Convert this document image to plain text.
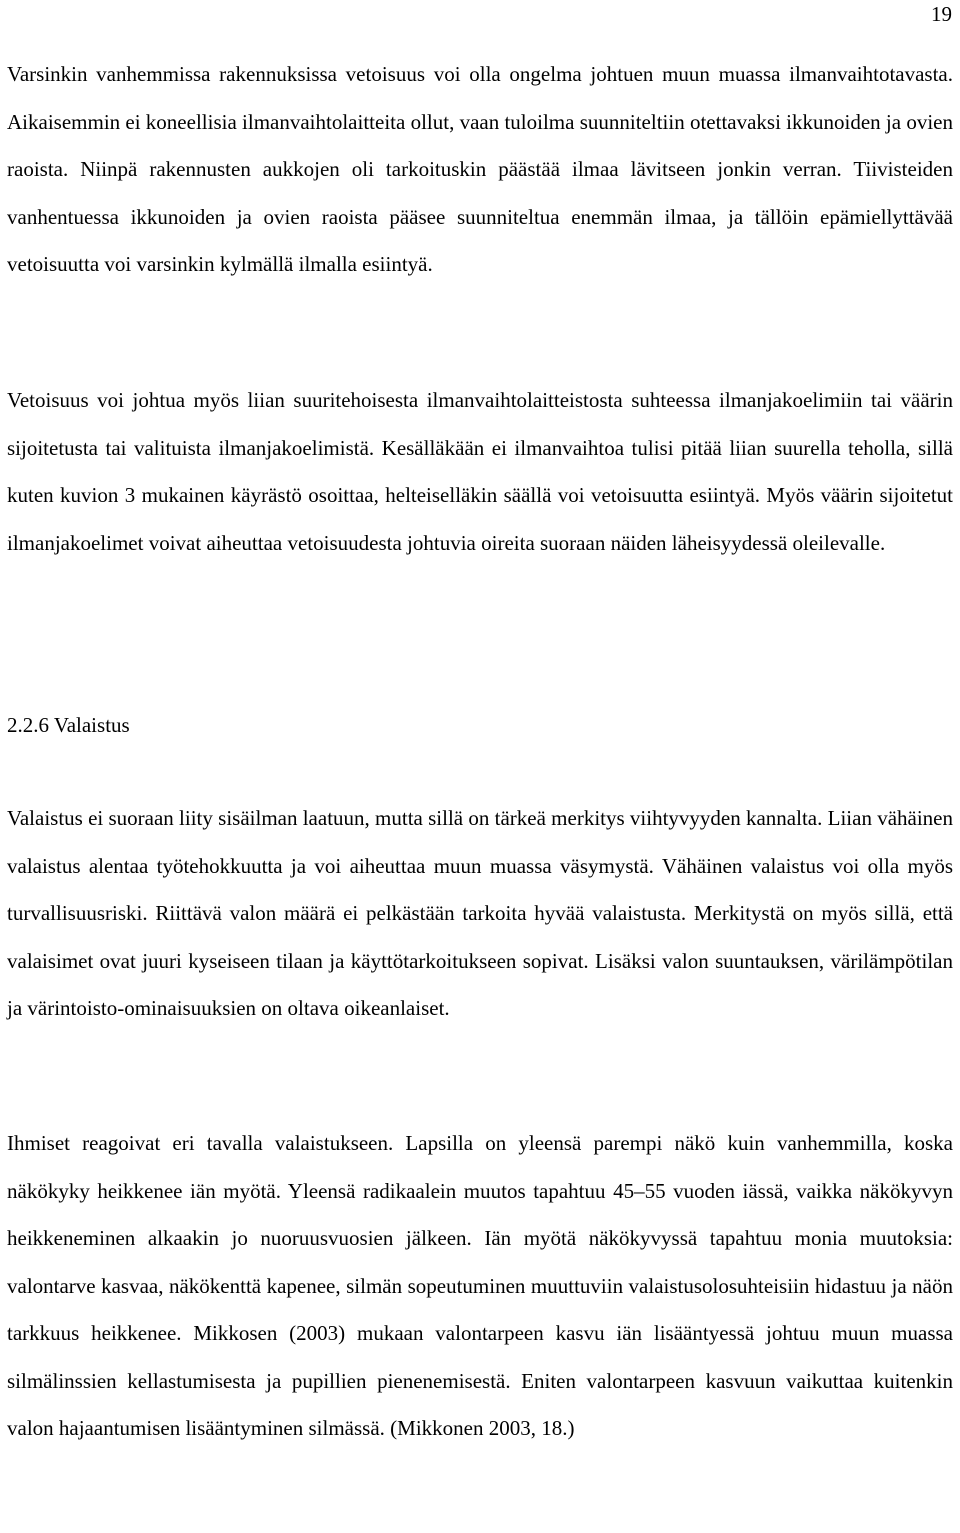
19

Varsinkin vanhemmissa rakennuksissa vetoisuus voi olla ongelma johtuen muun muassa ilmanvaihtotavasta. Aikaisemmin ei koneellisia ilmanvaihtolaitteita ollut, vaan tuloilma suunniteltiin otettavaksi ikkunoiden ja ovien raoista. Niinpä rakennusten aukkojen oli tarkoituskin päästää ilmaa lävitseen jonkin verran. Tiivisteiden vanhentuessa ikkunoiden ja ovien raoista pääsee suunniteltua enemmän ilmaa, ja tällöin epämiellyttävää vetoisuutta voi varsinkin kylmällä ilmalla esiintyä.

Vetoisuus voi johtua myös liian suuritehoisesta ilmanvaihtolaitteistosta suhteessa ilmanjakoelimiin tai väärin sijoitetusta tai valituista ilmanjakoelimistä. Kesälläkään ei ilmanvaihtoa tulisi pitää liian suurella teholla, sillä kuten kuvion 3 mukainen käyrästö osoittaa, helteiselläkin säällä voi vetoisuutta esiintyä. Myös väärin sijoitetut ilmanjakoelimet voivat aiheuttaa vetoisuudesta johtuvia oireita suoraan näiden läheisyydessä oleilevalle.

2.2.6 Valaistus

Valaistus ei suoraan liity sisäilman laatuun, mutta sillä on tärkeä merkitys viihtyvyyden kannalta. Liian vähäinen valaistus alentaa työtehokkuutta ja voi aiheuttaa muun muassa väsymystä. Vähäinen valaistus voi olla myös turvallisuusriski. Riittävä valon määrä ei pelkästään tarkoita hyvää valaistusta. Merkitystä on myös sillä, että valaisimet ovat juuri kyseiseen tilaan ja käyttötarkoitukseen sopivat. Lisäksi valon suuntauksen, värilämpötilan ja värintoisto-ominaisuuksien on oltava oikeanlaiset.

Ihmiset reagoivat eri tavalla valaistukseen. Lapsilla on yleensä parempi näkö kuin vanhemmilla, koska näkökyky heikkenee iän myötä. Yleensä radikaalein muutos tapahtuu 45–55 vuoden iässä, vaikka näkökyvyn heikkeneminen alkaakin jo nuoruusvuosien jälkeen. Iän myötä näkökyvyssä tapahtuu monia muutoksia: valontarve kasvaa, näkökenttä kapenee, silmän sopeutuminen muuttuviin valaistusolosuhteisiin hidastuu ja näön tarkkuus heikkenee. Mikkosen (2003) mukaan valontarpeen kasvu iän lisääntyessä johtuu muun muassa silmälinssien kellastumisesta ja pupillien pienenemisestä. Eniten valontarpeen kasvuun vaikuttaa kuitenkin valon hajaantumisen lisääntyminen silmässä. (Mikkonen 2003, 18.)
